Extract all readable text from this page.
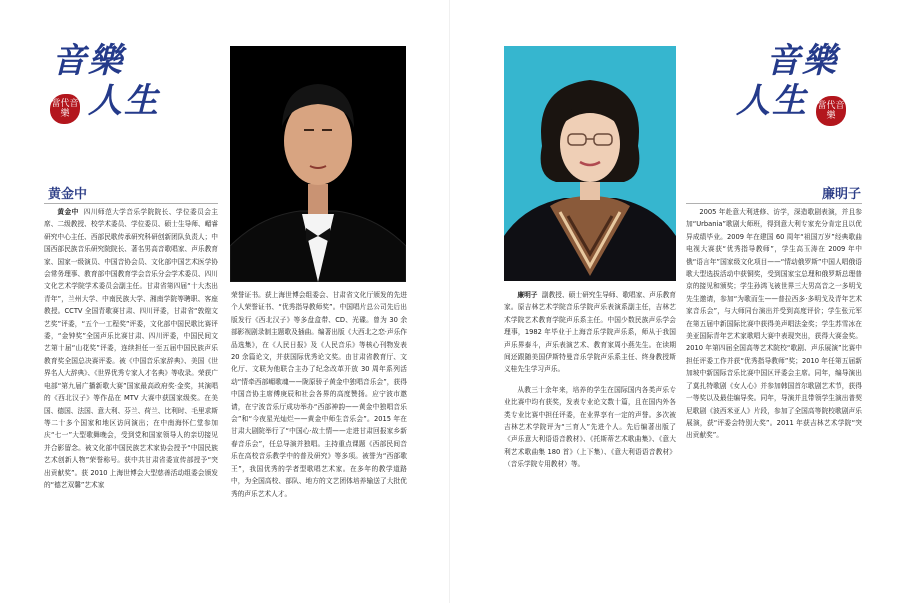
音樂
人生
當代音樂
黄金中

黄金中 四川师范大学音乐学院院长、学位委员会主席、二级教授、校学术委员、学位委员、硕士生导师、嵋睿研究中心主任、西部民歌传承研究科研创新团队负责人；中国西部民族音乐研究院院长、著名男高音歌唱家、声乐教育家、国家一级演员、中国音协会员、文化部中国艺术医学协会常务理事、教育部中国教育学会音乐分会学术委员、四川文化艺术学院学术委员会副主任。甘肃省第四届“十大杰出青年”，兰州大学、中南民族大学、湘南学院等聘职、客座教授。CCTV 全国青歌赛甘肃、四川评委，甘肃省“敦煌文艺奖”评委，“五个一工程奖”评委，文化部中国民歌比赛评委，“金钟奖”全国声乐比赛甘肃、四川评委，中国民间文艺第十届“山花奖”评委，连续担任一至五届中国民族声乐教育奖全国总决赛评委。被《中国音乐家辞典》、美国《世界名人大辞典》、《世界优秀专家人才名典》等收录。荣获广电部“第九届广播新歌大赛”国家最高政府奖·金奖，其演唱的《西北汉子》等作品在 MTV 大赛中获国家级奖。在美国、德国、法国、意大利、芬兰、荷兰、比利时、毛里求斯等二十多个国家和地区访问演出；在中南海怀仁堂参加庆“七一”大型歌舞晚会，受到党和国家领导人的亲切接见并合影留念。被文化部中国民族艺术家协会授予“中国民族艺术创新人物”荣誉称号。获中共甘肃省委宣传部授予“突出贡献奖”。获 2010 上海世博会大型慈善活动组委会颁发的“德艺双馨”艺术家

荣誉证书。获上海世博会组委会、甘肃省文化厅颁发的先进个人荣誉证书、“优秀指导教师奖”。中国唱片总公司先后出版发行《西北汉子》等多盘盒带、CD、光碟。曾为 30 余部影视剧录制主题歌及插曲。编著出版《大西北之恋·声乐作品选集》，在《人民日报》及《人民音乐》等核心刊物发表 20 余篇论文，并获国际优秀论文奖。由甘肃省教育厅、文化厅、文联为他联合主办了纪念改革开放 30 周年系列活动“情牵西部嵋歌魂——陇原骄子黄金中独唱音乐会”，获得中国音协主席傅庚辰和社会各界的高度赞扬。应宁波市邀请，在宁波音乐厅成功举办“西部神韵——黄金中独唱音乐会”和“今夜星光灿烂——黄金中师生音乐会”。2015 年在甘肃大剧院举行了“中国心·故土情——走进甘肃回报家乡新春音乐会”，任总导演并独唱。主持重点课题《西部民间音乐在高校音乐教学中的普及研究》等多项。被誉为“西部歌王”，我国优秀的学者型歌唱艺术家。在多年的教学道路中，为全国高校、部队、地方的文艺团体培养输送了大批优秀的声乐艺术人才。
音樂
人生 當代音樂
廉明子

廉明子 副教授、硕士研究生导师、歌唱家、声乐教育家。原吉林艺术学院音乐学院声乐表演系副主任，吉林艺术学院艺术教育学院声乐系主任。中国少数民族声乐学会理事，1982 年毕业于上海音乐学院声乐系，师从于我国声乐界泰斗，声乐表演艺术、教育家周小燕先生。在读期间还跟随美国伊斯特曼音乐学院声乐系主任、终身教授斯义桂先生学习声乐。

从教三十余年来，培养的学生在国际国内各类声乐专业比赛中均有获奖，发表专业论文数十篇，且在国内外各类专业比赛中担任评委，在业界享有一定的声誉。多次被吉林艺术学院评为“三育人”先进个人。先后编著出版了《声乐意大利语语音教材》、《托斯蒂艺术歌曲集》、《意大利艺术歌曲集 180 首》（上下集）、《意大利语语音教材》（音乐学院专用教材）等。

2005 年赴意大利进修、访学，深造歌剧表演，并且参加“Urbania”歌剧大师班，得到意大利专家充分肯定且以优异成绩毕业。2009 年在建国 60 周年“祖国万岁”经典歌曲电视大赛获“优秀指导教师”，学生高玉涛在 2009 年中俄“语言年”国家级文化项目——“情动俄罗斯”中国人唱俄语歌大型选拔活动中获铜奖，受到国家宝总理和俄罗斯总理普京的接见和颁奖；学生孙鸿飞被世界三大男高音之一多明戈先生邀请，参加“为歌而生——普拉西多·多明戈及青年艺术家音乐会”，与大师同台演出并受到高度评价；学生张元军在第五届中新国际比赛中获得美声唱法金奖；学生苏雪冰在美亚国际青年艺术家歌唱大赛中表现突出，获得大赛金奖。2010 年第四届全国高等艺术院校“歌剧、声乐展演”比赛中担任评委工作并获“优秀指导教师”奖；2010 年任第五届新加坡中新国际音乐比赛中国区评委会主席。同年，编导演出了莫扎特歌剧《女人心》并参加韩国首尔歌剧艺术节，获得一等奖以及最佳编导奖。同年，导演并且带领学生演出普契尼歌剧《波西米亚人》片段，参加了全国高等院校歌剧声乐展演，获“评委会特别大奖”。2011 年获吉林艺术学院“突出贡献奖”。
